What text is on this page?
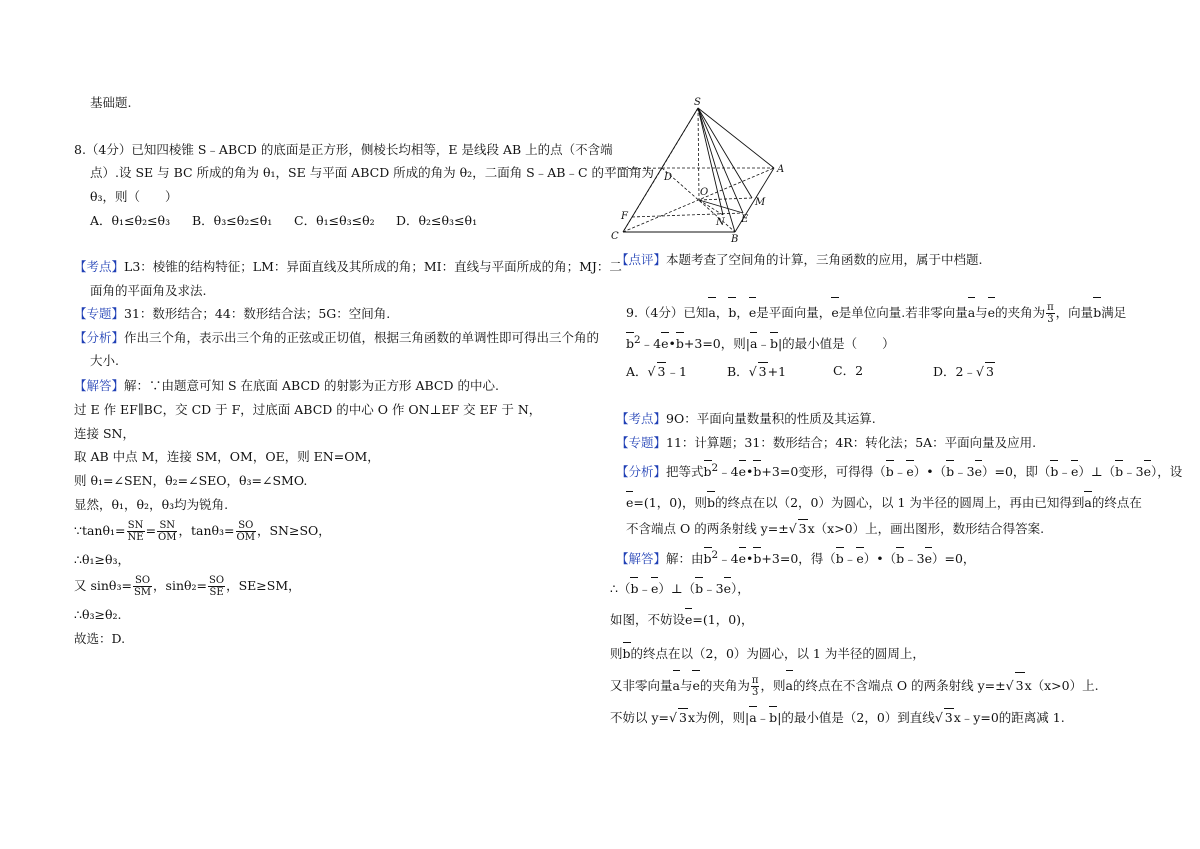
基础题.
8.（4分）已知四棱锥 S﹣ABCD 的底面是正方形，侧棱长均相等，E 是线段 AB 上的点（不含端
点）.设 SE 与 BC 所成的角为 θ₁，SE 与平面 ABCD 所成的角为 θ₂，二面角 S﹣AB﹣C 的平面角为
θ₃，则（　　）
A．θ₁≤θ₂≤θ₃ B．θ₃≤θ₂≤θ₁ C．θ₁≤θ₃≤θ₂ D．θ₂≤θ₃≤θ₁
【考点】L3：棱锥的结构特征；LM：异面直线及其所成的角；MI：直线与平面所成的角；MJ：二
面角的平面角及求法.
【专题】31：数形结合；44：数形结合法；5G：空间角.
【分析】作出三个角，表示出三个角的正弦或正切值，根据三角函数的单调性即可得出三个角的
大小.
【解答】解：∵由题意可知 S 在底面 ABCD 的射影为正方形 ABCD 的中心.
过 E 作 EF∥BC，交 CD 于 F，过底面 ABCD 的中心 O 作 ON⊥EF 交 EF 于 N，
连接 SN，
取 AB 中点 M，连接 SM，OM，OE，则 EN=OM，
则 θ₁=∠SEN，θ₂=∠SEO，θ₃=∠SMO.
显然，θ₁，θ₂，θ₃均为锐角.
∵tanθ₁= $\frac{SN}{NE} = \frac{SN}{OM}$ ，$\tan\theta_3= \frac{SO}{OM}$ ，SN≥SO，
∴θ₁≥θ₃，
又 $\sin\theta_3= \frac{SO}{SM}$ ，$\sin\theta_2= \frac{SO}{SE}$ ，SE≥SM，
∴θ₃≥θ₂.
故选：D.
S
A
B
C
D
O
M
E
N
F
【点评】本题考查了空间角的计算，三角函数的应用，属于中档题.
9.（4分）已知a，b，e是平面向量，e是单位向量.若非零向量a与e的夹角为 $\frac{\pi}{3}$ ，向量b满足
$b^2﹣4e•b+3=0$，则|a﹣b|的最小值是（　　）
A．√ 3﹣1	B．√ 3+1	C．2	D．2﹣√ 3
【考点】9O：平面向量数量积的性质及其运算.
【专题】11：计算题；31：数形结合；4R：转化法；5A：平面向量及应用.
【分析】把等式$b^2﹣4e•b+3=0$变形，可得得（b﹣e）•（b﹣3e）=0，即（b﹣e）⊥（b﹣3e），设
e=(1，0)，则b的终点在以（2，0）为圆心，以 1 为半径的圆周上，再由已知得到a的终点在
不含端点 O 的两条射线 y=±√ 3x（x>0）上，画出图形，数形结合得答案.
【解答】解：由$b^2﹣4e•b+3=0$，得（b﹣e）•（b﹣3e）=0，
∴（b﹣e）⊥（b﹣3e），
如图，不妨设e=(1，0)，
则b的终点在以（2，0）为圆心，以 1 为半径的圆周上，
又非零向量a与e的夹角为 $\frac{\pi}{3}$ ，则a的终点在不含端点 O 的两条射线 y=±√ 3x（x>0）上.
不妨以 y=√ 3x为例，则|a﹣b|的最小值是（2，0）到直线√ 3x﹣y=0的距离减 1.
